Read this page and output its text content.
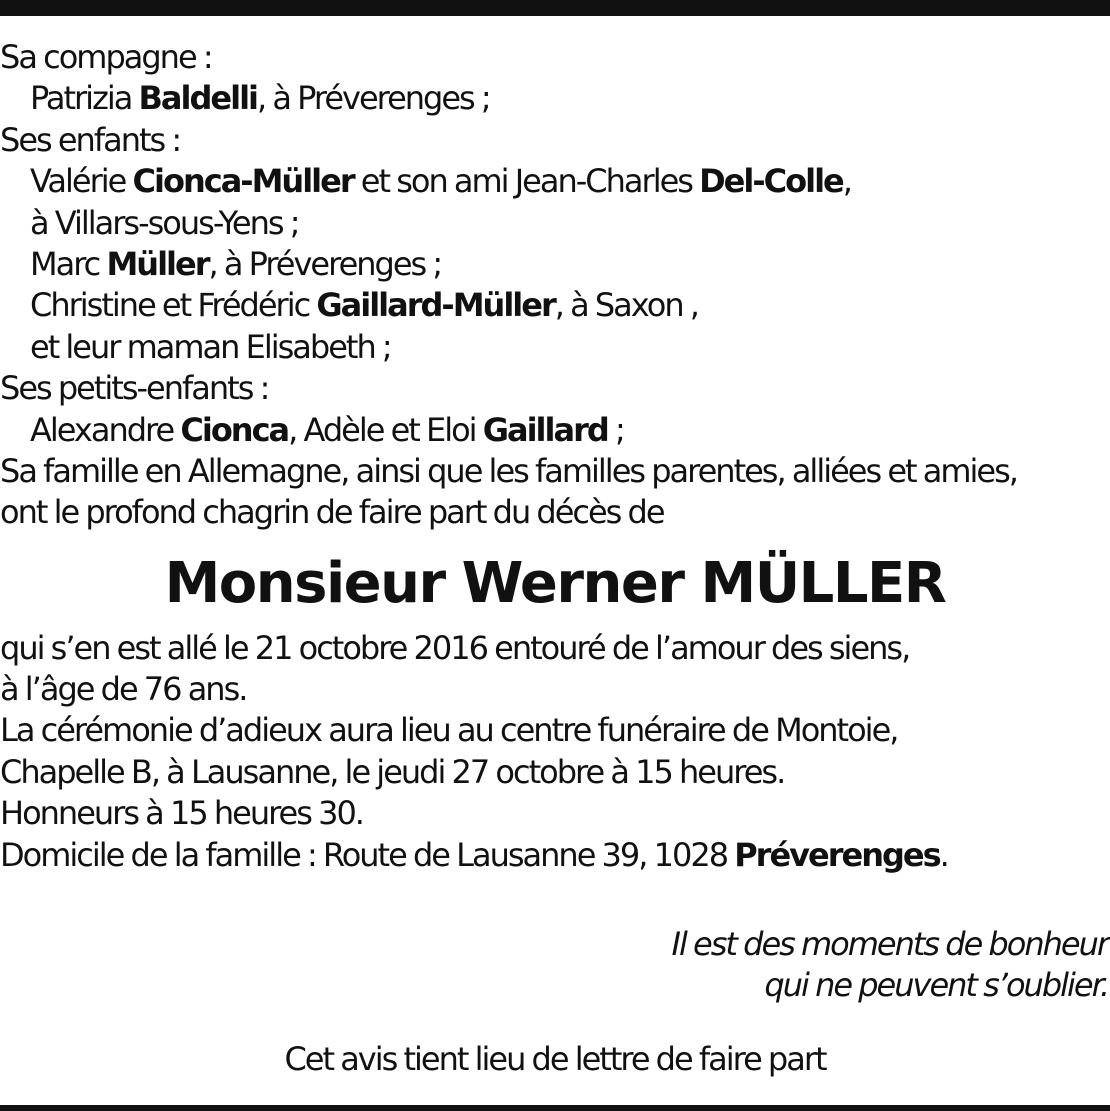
Sa compagne :
Patrizia Baldelli, à Préverenges ;
Ses enfants :
Valérie Cionca-Müller et son ami Jean-Charles Del-Colle,
à Villars-sous-Yens ;
Marc Müller, à Préverenges ;
Christine et Frédéric Gaillard-Müller, à Saxon ,
et leur maman Elisabeth ;
Ses petits-enfants :
Alexandre Cionca, Adèle et Eloi Gaillard ;
Sa famille en Allemagne, ainsi que les familles parentes, alliées et amies,
ont le profond chagrin de faire part du décès de
Monsieur Werner MÜLLER
qui s’en est allé le 21 octobre 2016 entouré de l’amour des siens,
à l’âge de 76 ans.
La cérémonie d’adieux aura lieu au centre funéraire de Montoie,
Chapelle B, à Lausanne, le jeudi 27 octobre à 15 heures.
Honneurs à 15 heures 30.
Domicile de la famille : Route de Lausanne 39, 1028 Préverenges.
Il est des moments de bonheur
qui ne peuvent s’oublier.
Cet avis tient lieu de lettre de faire part
